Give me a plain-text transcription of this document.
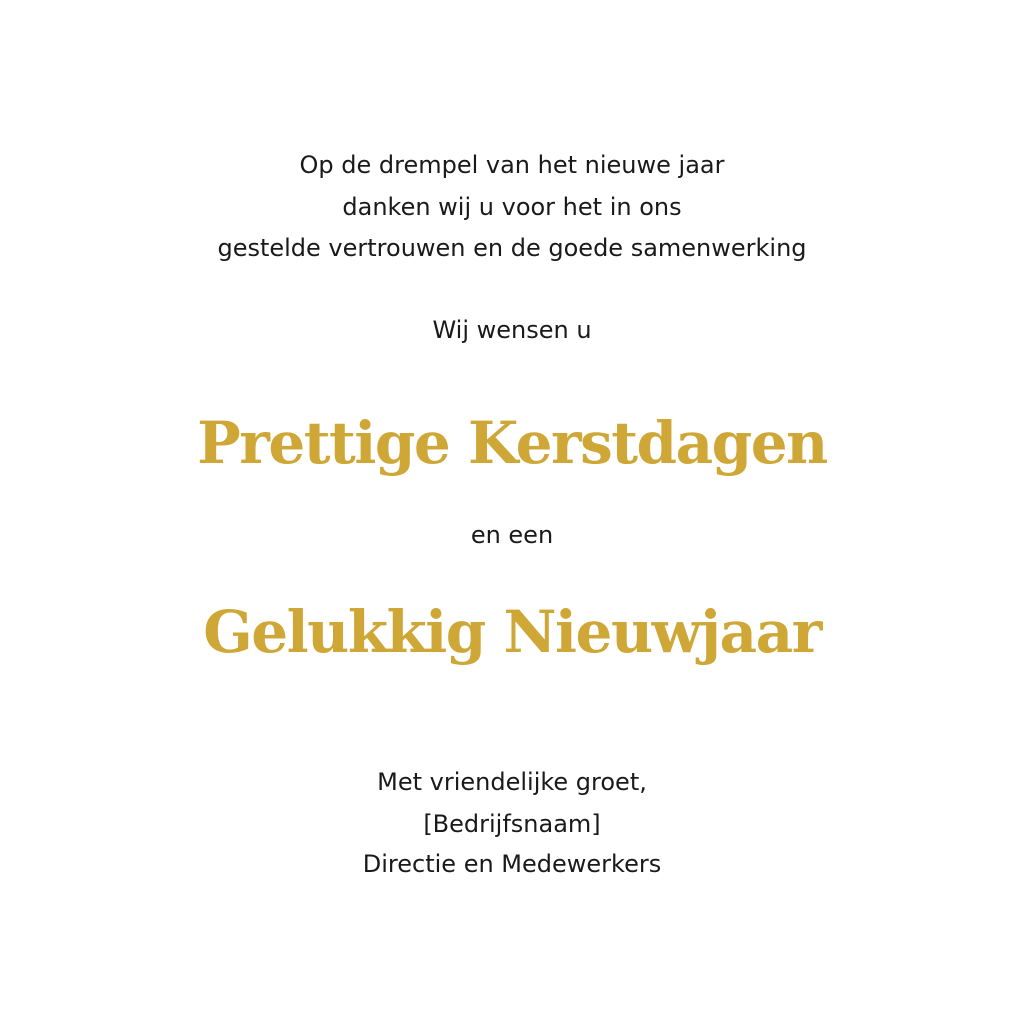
Op de drempel van het nieuwe jaar
danken wij u voor het in ons
gestelde vertrouwen en de goede samenwerking
Wij wensen u
Prettige Kerstdagen
en een
Gelukkig Nieuwjaar
Met vriendelijke groet,
[Bedrijfsnaam]
Directie en Medewerkers
